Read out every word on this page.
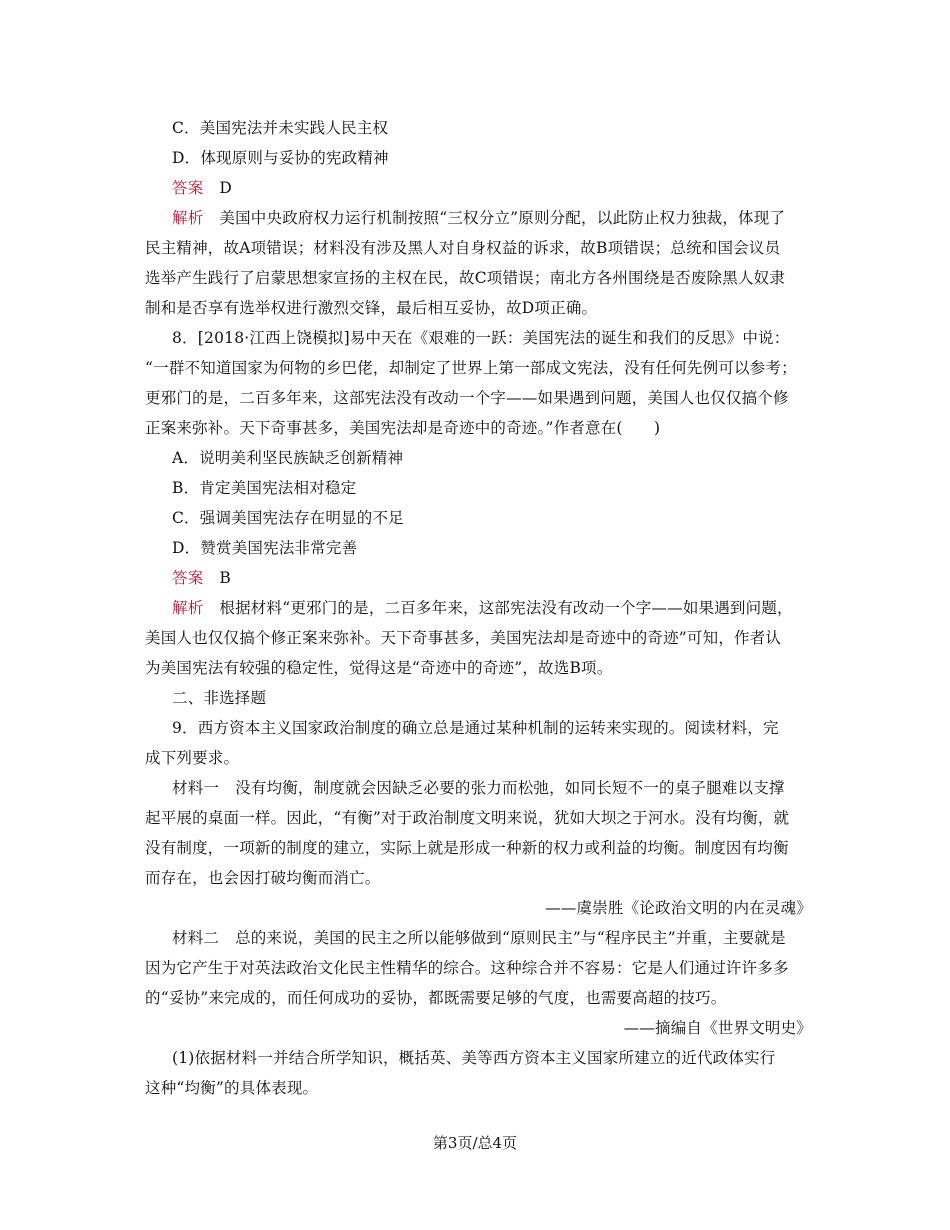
C．美国宪法并未实践人民主权
D．体现原则与妥协的宪政精神
答案 D
解析 美国中央政府权力运行机制按照“三权分立”原则分配，以此防止权力独裁，体现了
民主精神，故A项错误；材料没有涉及黑人对自身权益的诉求，故B项错误；总统和国会议员
选举产生践行了启蒙思想家宣扬的主权在民，故C项错误；南北方各州围绕是否废除黑人奴隶
制和是否享有选举权进行激烈交锋，最后相互妥协，故D项正确。
8．[2018·江西上饶模拟]易中天在《艰难的一跃：美国宪法的诞生和我们的反思》中说：
“一群不知道国家为何物的乡巴佬，却制定了世界上第一部成文宪法，没有任何先例可以参考；
更邪门的是，二百多年来，这部宪法没有改动一个字——如果遇到问题，美国人也仅仅搞个修
正案来弥补。天下奇事甚多，美国宪法却是奇迹中的奇迹。”作者意在(　　)
A．说明美利坚民族缺乏创新精神
B．肯定美国宪法相对稳定
C．强调美国宪法存在明显的不足
D．赞赏美国宪法非常完善
答案 B
解析 根据材料“更邪门的是，二百多年来，这部宪法没有改动一个字——如果遇到问题，
美国人也仅仅搞个修正案来弥补。天下奇事甚多，美国宪法却是奇迹中的奇迹”可知，作者认
为美国宪法有较强的稳定性，觉得这是“奇迹中的奇迹”，故选B项。
二、非选择题
9．西方资本主义国家政治制度的确立总是通过某种机制的运转来实现的。阅读材料，完
成下列要求。
材料一 没有均衡，制度就会因缺乏必要的张力而松弛，如同长短不一的桌子腿难以支撑
起平展的桌面一样。因此，“有衡”对于政治制度文明来说，犹如大坝之于河水。没有均衡，就
没有制度，一项新的制度的建立，实际上就是形成一种新的权力或利益的均衡。制度因有均衡
而存在，也会因打破均衡而消亡。
——虞崇胜《论政治文明的内在灵魂》
材料二 总的来说，美国的民主之所以能够做到“原则民主”与“程序民主”并重，主要就是
因为它产生于对英法政治文化民主性精华的综合。这种综合并不容易：它是人们通过许许多多
的“妥协”来完成的，而任何成功的妥协，都既需要足够的气度，也需要高超的技巧。
——摘编自《世界文明史》
(1)依据材料一并结合所学知识，概括英、美等西方资本主义国家所建立的近代政体实行
这种“均衡”的具体表现。
第3页/总4页
